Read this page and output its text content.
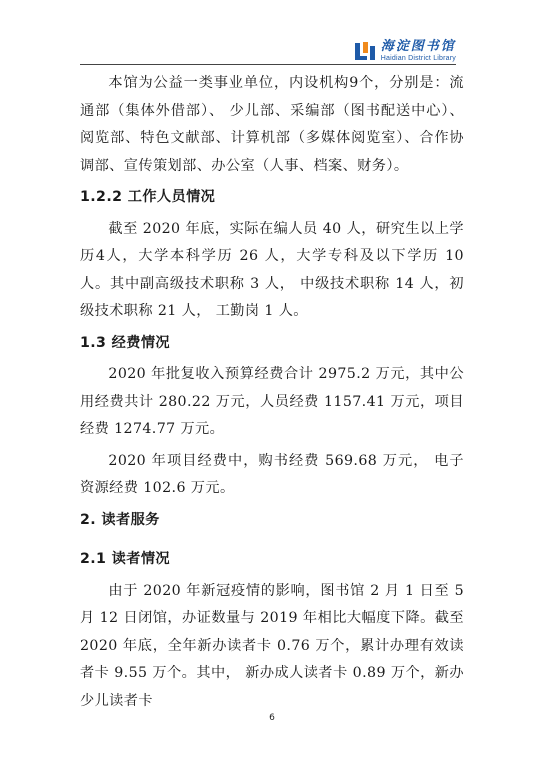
海淀图书馆
Haidian District Library

本馆为公益一类事业单位，内设机构9个，分别是：流通部（集体外借部）、 少儿部、采编部（图书配送中心）、阅览部、特色文献部、计算机部（多媒体阅览室）、合作协调部、宣传策划部、办公室（人事、档案、财务）。

1.2.2 工作人员情况

截至 2020 年底，实际在编人员 40 人，研究生以上学历4人，大学本科学历 26 人，大学专科及以下学历 10 人。其中副高级技术职称 3 人， 中级技术职称 14 人，初级技术职称 21 人， 工勤岗 1 人。

1.3 经费情况

2020 年批复收入预算经费合计 2975.2 万元，其中公用经费共计 280.22 万元，人员经费 1157.41 万元，项目经费 1274.77 万元。

2020 年项目经费中，购书经费 569.68 万元， 电子资源经费 102.6 万元。

2. 读者服务

2.1 读者情况

由于 2020 年新冠疫情的影响，图书馆 2 月 1 日至 5 月 12 日闭馆，办证数量与 2019 年相比大幅度下降。截至 2020 年底，全年新办读者卡 0.76 万个，累计办理有效读者卡 9.55 万个。其中， 新办成人读者卡 0.89 万个，新办少儿读者卡

6
